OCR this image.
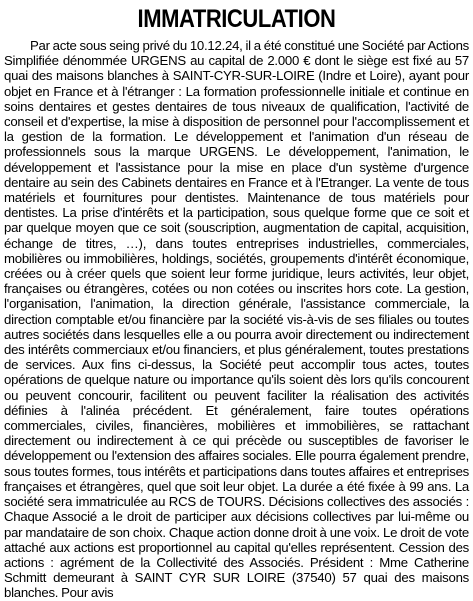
IMMATRICULATION

Par acte sous seing privé du 10.12.24, il a été constitué une Société par Actions Simplifiée dénommée URGENS au capital de 2.000 € dont le siège est fixé au 57 quai des maisons blanches à SAINT-CYR-SUR-LOIRE (Indre et Loire), ayant pour objet en France et à l'étranger : La formation professionnelle initiale et continue en soins dentaires et gestes dentaires de tous niveaux de qualification, l'activité de conseil et d'expertise, la mise à disposition de personnel pour l'accomplissement et la gestion de la formation. Le développement et l'animation d'un réseau de professionnels sous la marque URGENS. Le développement, l'animation, le développement et l'assistance pour la mise en place d'un système d'urgence dentaire au sein des Cabinets dentaires en France et à l'Etranger. La vente de tous matériels et fournitures pour dentistes. Maintenance de tous matériels pour dentistes. La prise d'intérêts et la participation, sous quelque forme que ce soit et par quelque moyen que ce soit (souscription, augmentation de capital, acquisition, échange de titres, …), dans toutes entreprises industrielles, commerciales, mobilières ou immobilières, holdings, sociétés, groupements d'intérêt économique, créées ou à créer quels que soient leur forme juridique, leurs activités, leur objet, françaises ou étrangères, cotées ou non cotées ou inscrites hors cote. La gestion, l'organisation, l'animation, la direction générale, l'assistance commerciale, la direction comptable et/ou financière par la société vis-à-vis de ses filiales ou toutes autres sociétés dans lesquelles elle a ou pourra avoir directement ou indirectement des intérêts commerciaux et/ou financiers, et plus généralement, toutes prestations de services. Aux fins ci-dessus, la Société peut accomplir tous actes, toutes opérations de quelque nature ou importance qu'ils soient dès lors qu'ils concourent ou peuvent concourir, facilitent ou peuvent faciliter la réalisation des activités définies à l'alinéa précédent. Et généralement, faire toutes opérations commerciales, civiles, financières, mobilières et immobilières, se rattachant directement ou indirectement à ce qui précède ou susceptibles de favoriser le développement ou l'extension des affaires sociales. Elle pourra également prendre, sous toutes formes, tous intérêts et participations dans toutes affaires et entreprises françaises et étrangères, quel que soit leur objet. La durée a été fixée à 99 ans. La société sera immatriculée au RCS de TOURS. Décisions collectives des associés : Chaque Associé a le droit de participer aux décisions collectives par lui-même ou par mandataire de son choix. Chaque action donne droit à une voix. Le droit de vote attaché aux actions est proportionnel au capital qu'elles représentent. Cession des actions : agrément de la Collectivité des Associés. Président : Mme Catherine Schmitt demeurant à SAINT CYR SUR LOIRE (37540) 57 quai des maisons blanches. Pour avis
